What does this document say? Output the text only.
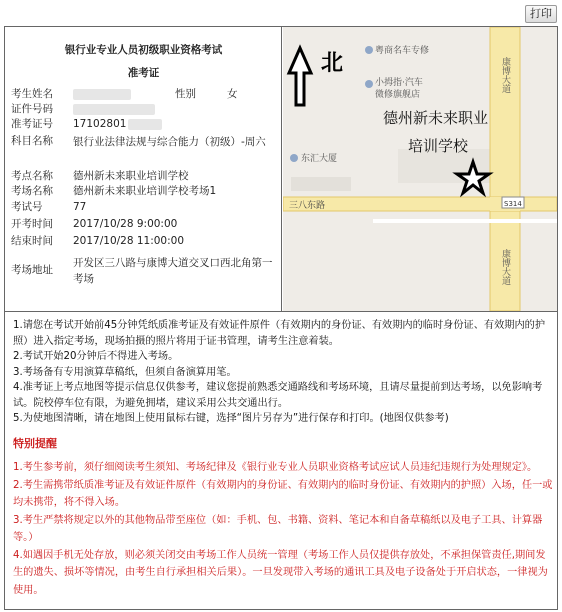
打印
银行业专业人员初级职业资格考试
准考证
考生姓名	性别	女
证件号码
准考证号	17102801
科目名称	银行业法律法规与综合能力（初级）-周六
考点名称	德州新未来职业培训学校
考场名称	德州新未来职业培训学校考场1
考试号	77
开考时间	2017/10/28 9:00:00
结束时间	2017/10/28 11:00:00
考场地址
开发区三八路与康博大道交叉口西北角第一考场
北	粤商名车专修
小拇指·汽车
微修旗舰店
东汇大厦
德州新未来职业
培训学校
三八东路	S314
康博大道
康博大道

1.请您在考试开始前45分钟凭纸质准考证及有效证件原件（有效期内的身份证、有效期内的临时身份证、有效期内的护照）进入指定考场，现场拍摄的照片将用于证书管理，请考生注意着装。

2.考试开始20分钟后不得进入考场。

3.考场备有专用演算草稿纸，但须自备演算用笔。

4.准考证上考点地图等提示信息仅供参考，建议您提前熟悉交通路线和考场环境，且请尽量提前到达考场，以免影响考试。院校停车位有限，为避免拥堵，建议采用公共交通出行。

5.为使地图清晰，请在地图上使用鼠标右键，选择“图片另存为”进行保存和打印。(地图仅供参考)

特别提醒

1.考生参考前，须仔细阅读考生须知、考场纪律及《银行业专业人员职业资格考试应试人员违纪违规行为处理规定》。

2.考生需携带纸质准考证及有效证件原件（有效期内的身份证、有效期内的临时身份证、有效期内的护照）入场，任一或均未携带，将不得入场。

3.考生严禁将规定以外的其他物品带至座位（如：手机、包、书籍、资料、笔记本和自备草稿纸以及电子工具、计算器等。）

4.如遇因手机无处存放，则必须关闭交由考场工作人员统一管理（考场工作人员仅提供存放处，不承担保管责任,期间发生的遗失、损坏等情况，由考生自行承担相关后果）。一旦发现带入考场的通讯工具及电子设备处于开启状态，一律视为使用。
